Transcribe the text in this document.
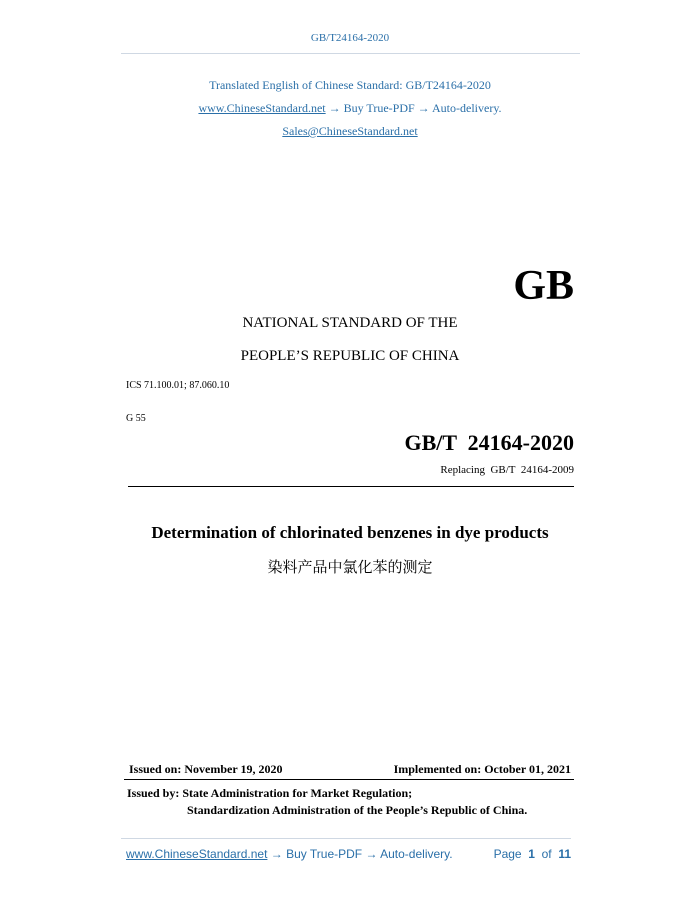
GB/T24164-2020
Translated English of Chinese Standard: GB/T24164-2020
www.ChineseStandard.net → Buy True-PDF → Auto-delivery.
Sales@ChineseStandard.net
GB
NATIONAL STANDARD OF THE
PEOPLE’S REPUBLIC OF CHINA
ICS 71.100.01; 87.060.10
G 55
GB/T  24164-2020
Replacing  GB/T  24164-2009
Determination of chlorinated benzenes in dye products
染料产品中氯化苯的测定
Issued on: November 19, 2020	Implemented on: October 01, 2021
Issued by: State Administration for Market Regulation;
Standardization Administration of the People’s Republic of China.
www.ChineseStandard.net → Buy True-PDF → Auto-delivery.	Page 1 of 11
